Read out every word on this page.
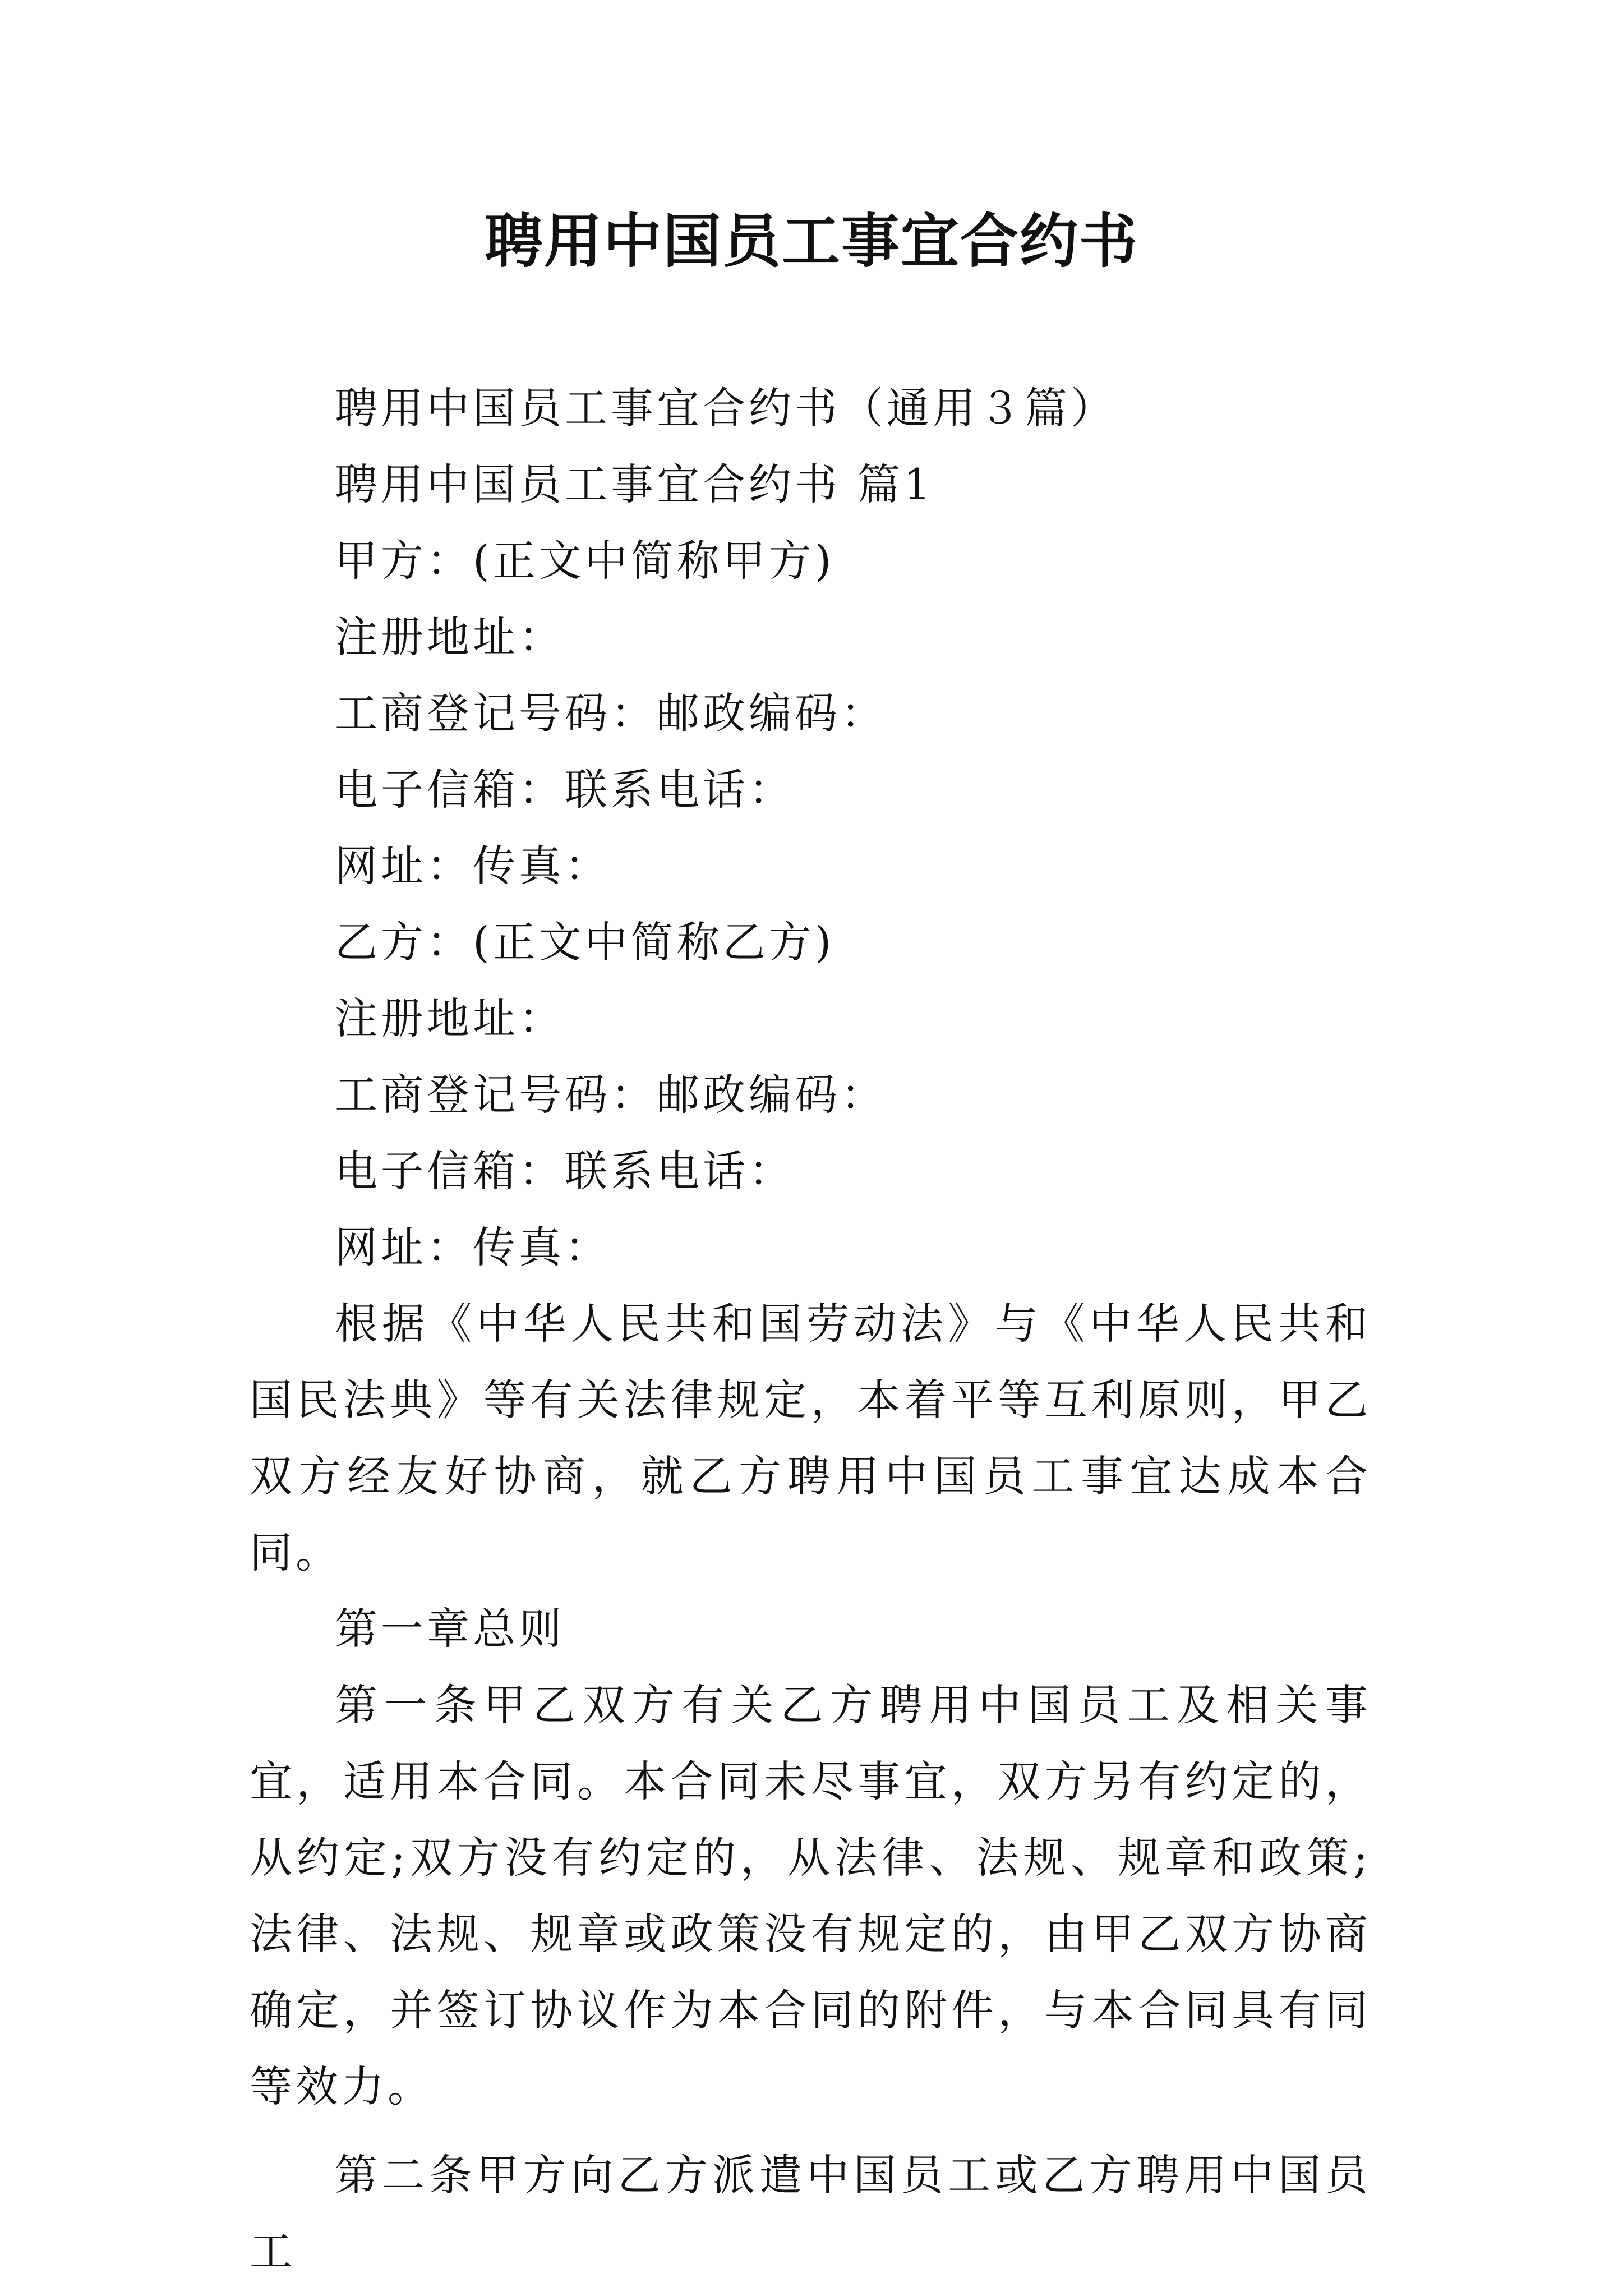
聘用中国员工事宜合约书

聘用中国员工事宜合约书（通用３篇）

聘用中国员工事宜合约书 篇1

甲方：(正文中简称甲方)

注册地址：

工商登记号码：邮政编码：

电子信箱：联系电话：

网址：传真：

乙方：(正文中简称乙方)

注册地址：

工商登记号码：邮政编码：

电子信箱：联系电话：

网址：传真：

根据《中华人民共和国劳动法》与《中华人民共和国民法典》等有关法律规定，本着平等互利原则，甲乙双方经友好协商，就乙方聘用中国员工事宜达成本合同。

第一章总则

第一条甲乙双方有关乙方聘用中国员工及相关事宜，适用本合同。本合同未尽事宜，双方另有约定的，从约定;双方没有约定的，从法律、法规、规章和政策;法律、法规、规章或政策没有规定的，由甲乙双方协商确定，并签订协议作为本合同的附件，与本合同具有同等效力。

第二条甲方向乙方派遣中国员工或乙方聘用中国员工
